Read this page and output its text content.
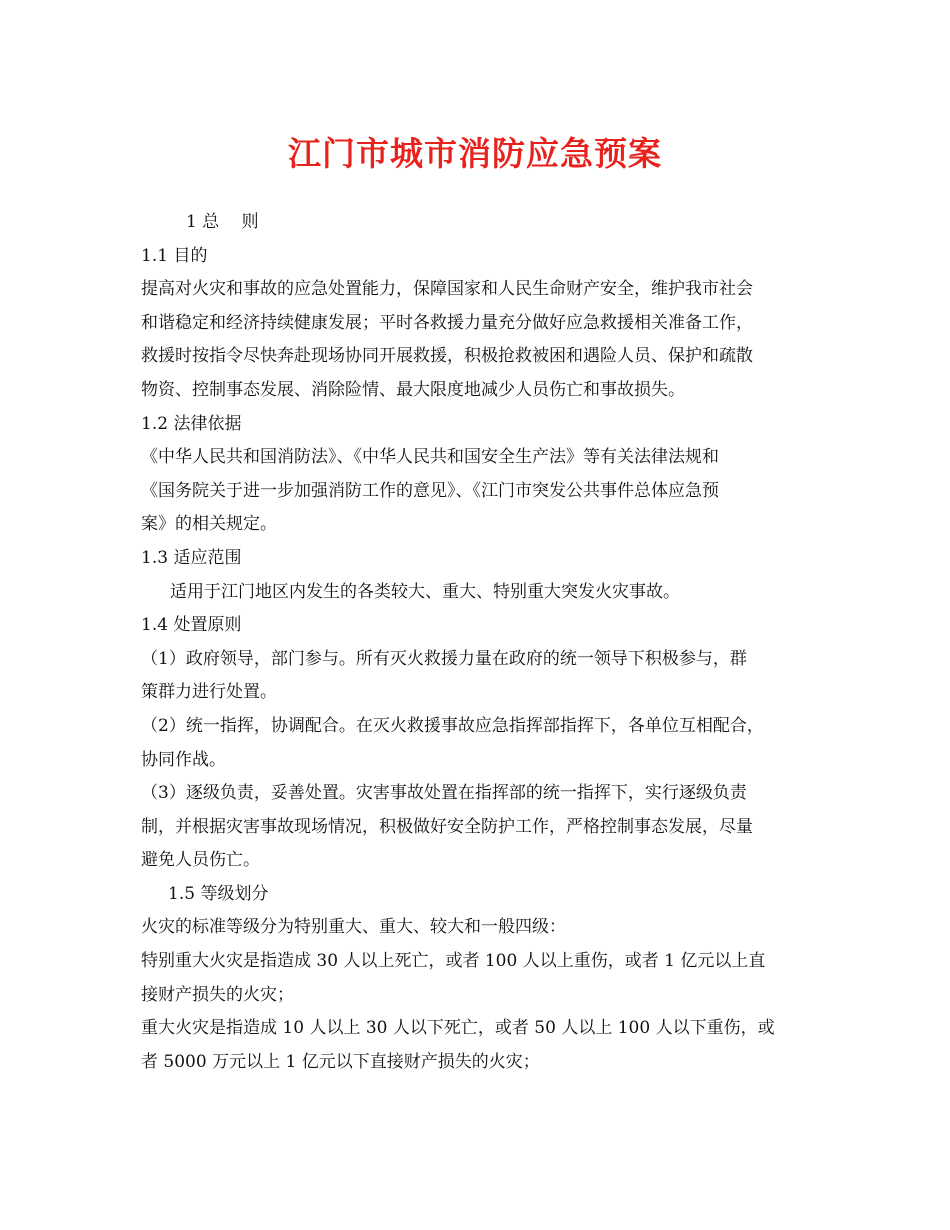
江门市城市消防应急预案

1 总　 则

1.1 目的

提高对火灾和事故的应急处置能力，保障国家和人民生命财产安全，维护我市社会

和谐稳定和经济持续健康发展；平时各救援力量充分做好应急救援相关准备工作，

救援时按指令尽快奔赴现场协同开展救援，积极抢救被困和遇险人员、保护和疏散

物资、控制事态发展、消除险情、最大限度地减少人员伤亡和事故损失。

1.2 法律依据

《中华人民共和国消防法》、《中华人民共和国安全生产法》等有关法律法规和

《国务院关于进一步加强消防工作的意见》、《江门市突发公共事件总体应急预

案》的相关规定。

1.3 适应范围

适用于江门地区内发生的各类较大、重大、特别重大突发火灾事故。

1.4 处置原则

（1）政府领导，部门参与。所有灭火救援力量在政府的统一领导下积极参与，群

策群力进行处置。

（2）统一指挥，协调配合。在灭火救援事故应急指挥部指挥下，各单位互相配合，

协同作战。

（3）逐级负责，妥善处置。灾害事故处置在指挥部的统一指挥下，实行逐级负责

制，并根据灾害事故现场情况，积极做好安全防护工作，严格控制事态发展，尽量

避免人员伤亡。

1.5 等级划分

火灾的标准等级分为特别重大、重大、较大和一般四级：

特别重大火灾是指造成 30 人以上死亡，或者 100 人以上重伤，或者 1 亿元以上直

接财产损失的火灾；

重大火灾是指造成 10 人以上 30 人以下死亡，或者 50 人以上 100 人以下重伤，或

者 5000 万元以上 1 亿元以下直接财产损失的火灾；
